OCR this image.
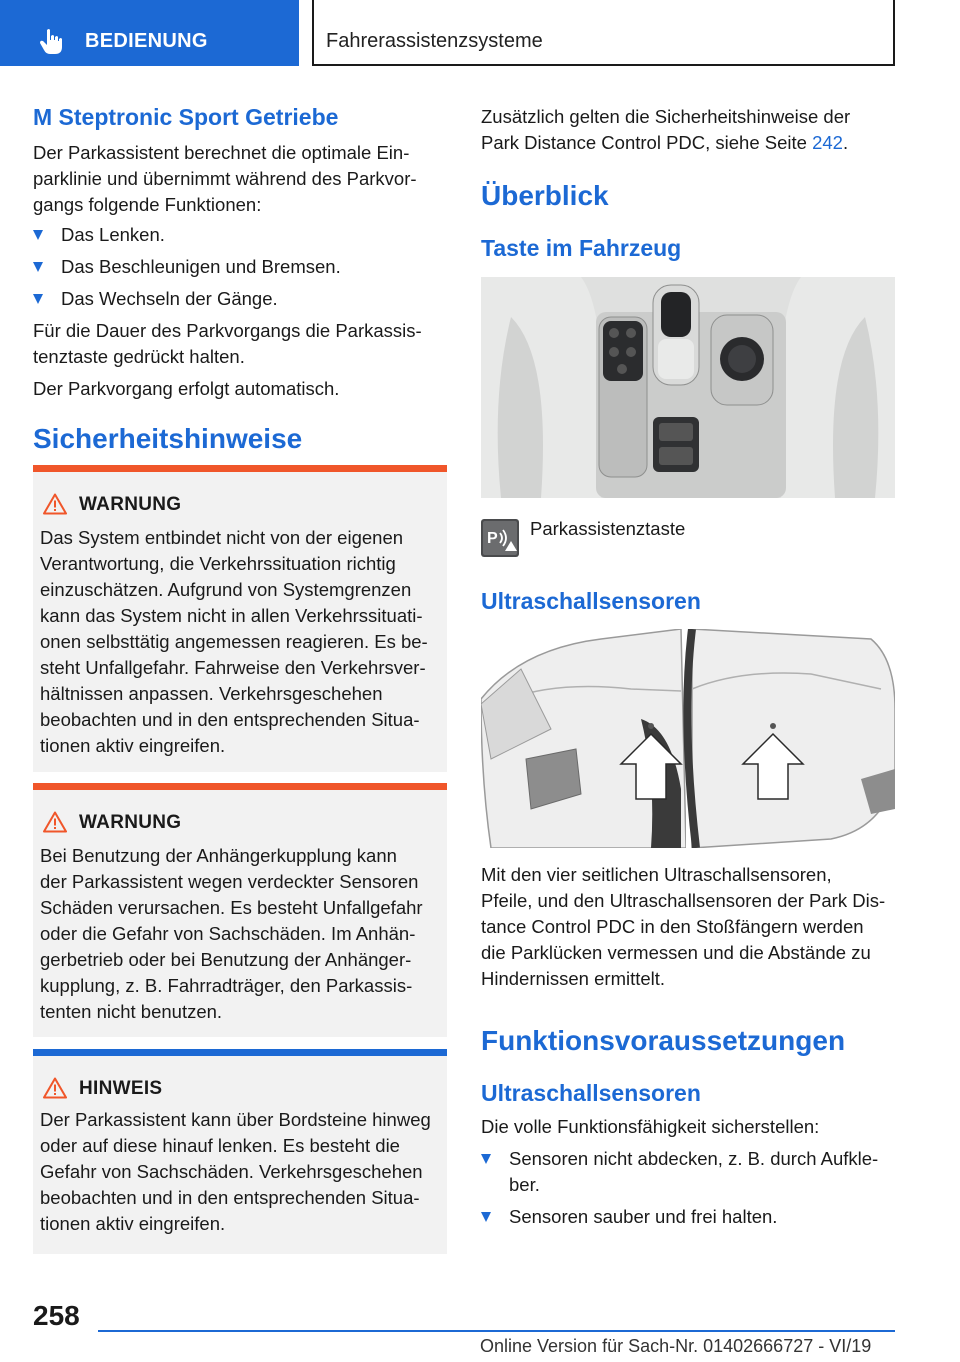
BEDIENUNG	Fahrerassistenzsysteme
M Steptronic Sport Getriebe
Der Parkassistent berechnet die optimale Ein-
parklinie und übernimmt während des Parkvor-
gangs folgende Funktionen:
Das Lenken.
Das Beschleunigen und Bremsen.
Das Wechseln der Gänge.
Für die Dauer des Parkvorgangs die Parkassis-
tenztaste gedrückt halten.
Der Parkvorgang erfolgt automatisch.
Sicherheitshinweise
WARNUNG
Das System entbindet nicht von der eigenen
Verantwortung, die Verkehrssituation richtig
einzuschätzen. Aufgrund von Systemgrenzen
kann das System nicht in allen Verkehrssituati-
onen selbsttätig angemessen reagieren. Es be-
steht Unfallgefahr. Fahrweise den Verkehrsver-
hältnissen anpassen. Verkehrsgeschehen
beobachten und in den entsprechenden Situa-
tionen aktiv eingreifen.
WARNUNG
Bei Benutzung der Anhängerkupplung kann
der Parkassistent wegen verdeckter Sensoren
Schäden verursachen. Es besteht Unfallgefahr
oder die Gefahr von Sachschäden. Im Anhän-
gerbetrieb oder bei Benutzung der Anhänger-
kupplung, z. B. Fahrradträger, den Parkassis-
tenten nicht benutzen.
HINWEIS
Der Parkassistent kann über Bordsteine hinweg
oder auf diese hinauf lenken. Es besteht die
Gefahr von Sachschäden. Verkehrsgeschehen
beobachten und in den entsprechenden Situa-
tionen aktiv eingreifen.
Zusätzlich gelten die Sicherheitshinweise der
Park Distance Control PDC, siehe Seite 242.
Überblick
Taste im Fahrzeug
P Parkassistenztaste
Ultraschallsensoren
Mit den vier seitlichen Ultraschallsensoren,
Pfeile, und den Ultraschallsensoren der Park Dis-
tance Control PDC in den Stoßfängern werden
die Parklücken vermessen und die Abstände zu
Hindernissen ermittelt.
Funktionsvoraussetzungen
Ultraschallsensoren
Die volle Funktionsfähigkeit sicherstellen:
Sensoren nicht abdecken, z. B. durch Aufkle-
ber.
Sensoren sauber und frei halten.
258
Online Version für Sach-Nr. 01402666727 - VI/19
